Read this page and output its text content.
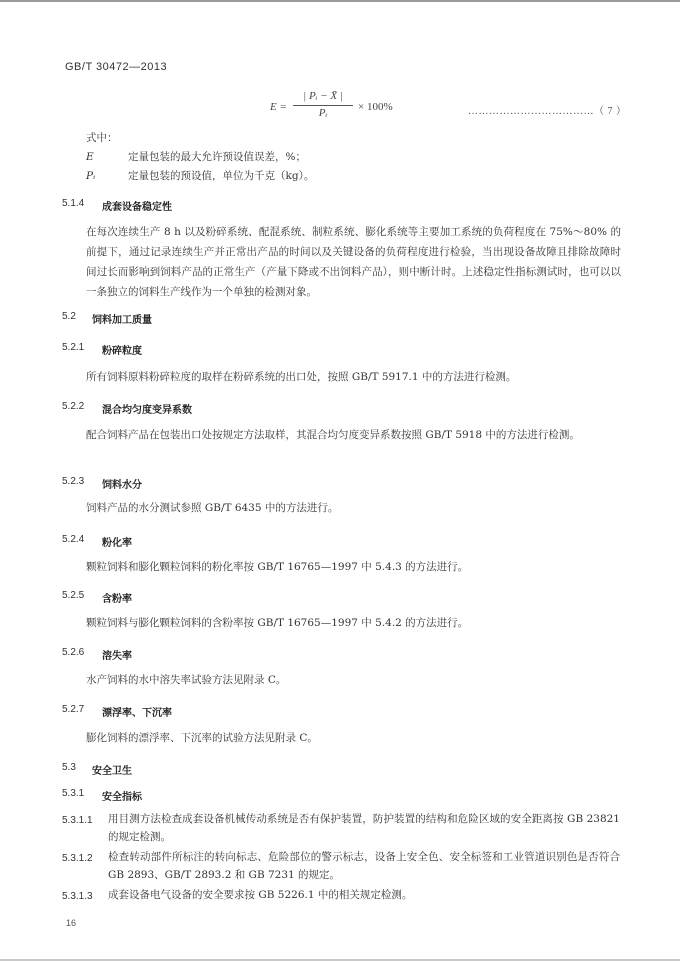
GB/T 30472—2013
E =
| Pᵢ − X̄ |
Pᵢ	× 100%	………………………………（ 7 ）
式中：
E	定量包装的最大允许预设值误差，%；
Pᵢ	定量包装的预设值，单位为千克（kg）。
5.1.4 成套设备稳定性
在每次连续生产 8 h 以及粉碎系统、配混系统、制粒系统、膨化系统等主要加工系统的负荷程度在 75%～80% 的前提下，通过记录连续生产并正常出产品的时间以及关键设备的负荷程度进行检验，当出现设备故障且排除故障时间过长而影响到饲料产品的正常生产（产量下降或不出饲料产品），则中断计时。上述稳定性指标测试时，也可以以一条独立的饲料生产线作为一个单独的检测对象。
5.2 饲料加工质量
5.2.1 粉碎粒度
所有饲料原料粉碎粒度的取样在粉碎系统的出口处，按照 GB/T 5917.1 中的方法进行检测。
5.2.2 混合均匀度变异系数
配合饲料产品在包装出口处按规定方法取样，其混合均匀度变异系数按照 GB/T 5918 中的方法进行检测。
5.2.3 饲料水分
饲料产品的水分测试参照 GB/T 6435 中的方法进行。
5.2.4 粉化率
颗粒饲料和膨化颗粒饲料的粉化率按 GB/T 16765—1997 中 5.4.3 的方法进行。
5.2.5 含粉率
颗粒饲料与膨化颗粒饲料的含粉率按 GB/T 16765—1997 中 5.4.2 的方法进行。
5.2.6 溶失率
水产饲料的水中溶失率试验方法见附录 C。
5.2.7 漂浮率、下沉率
膨化饲料的漂浮率、下沉率的试验方法见附录 C。
5.3 安全卫生
5.3.1 安全指标
5.3.1.1 用目测方法检查成套设备机械传动系统是否有保护装置，防护装置的结构和危险区域的安全距离按 GB 23821 的规定检测。
5.3.1.2 检查转动部件所标注的转向标志、危险部位的警示标志，设备上安全色、安全标签和工业管道识别色是否符合 GB 2893、GB/T 2893.2 和 GB 7231 的规定。
5.3.1.3 成套设备电气设备的安全要求按 GB 5226.1 中的相关规定检测。
16
